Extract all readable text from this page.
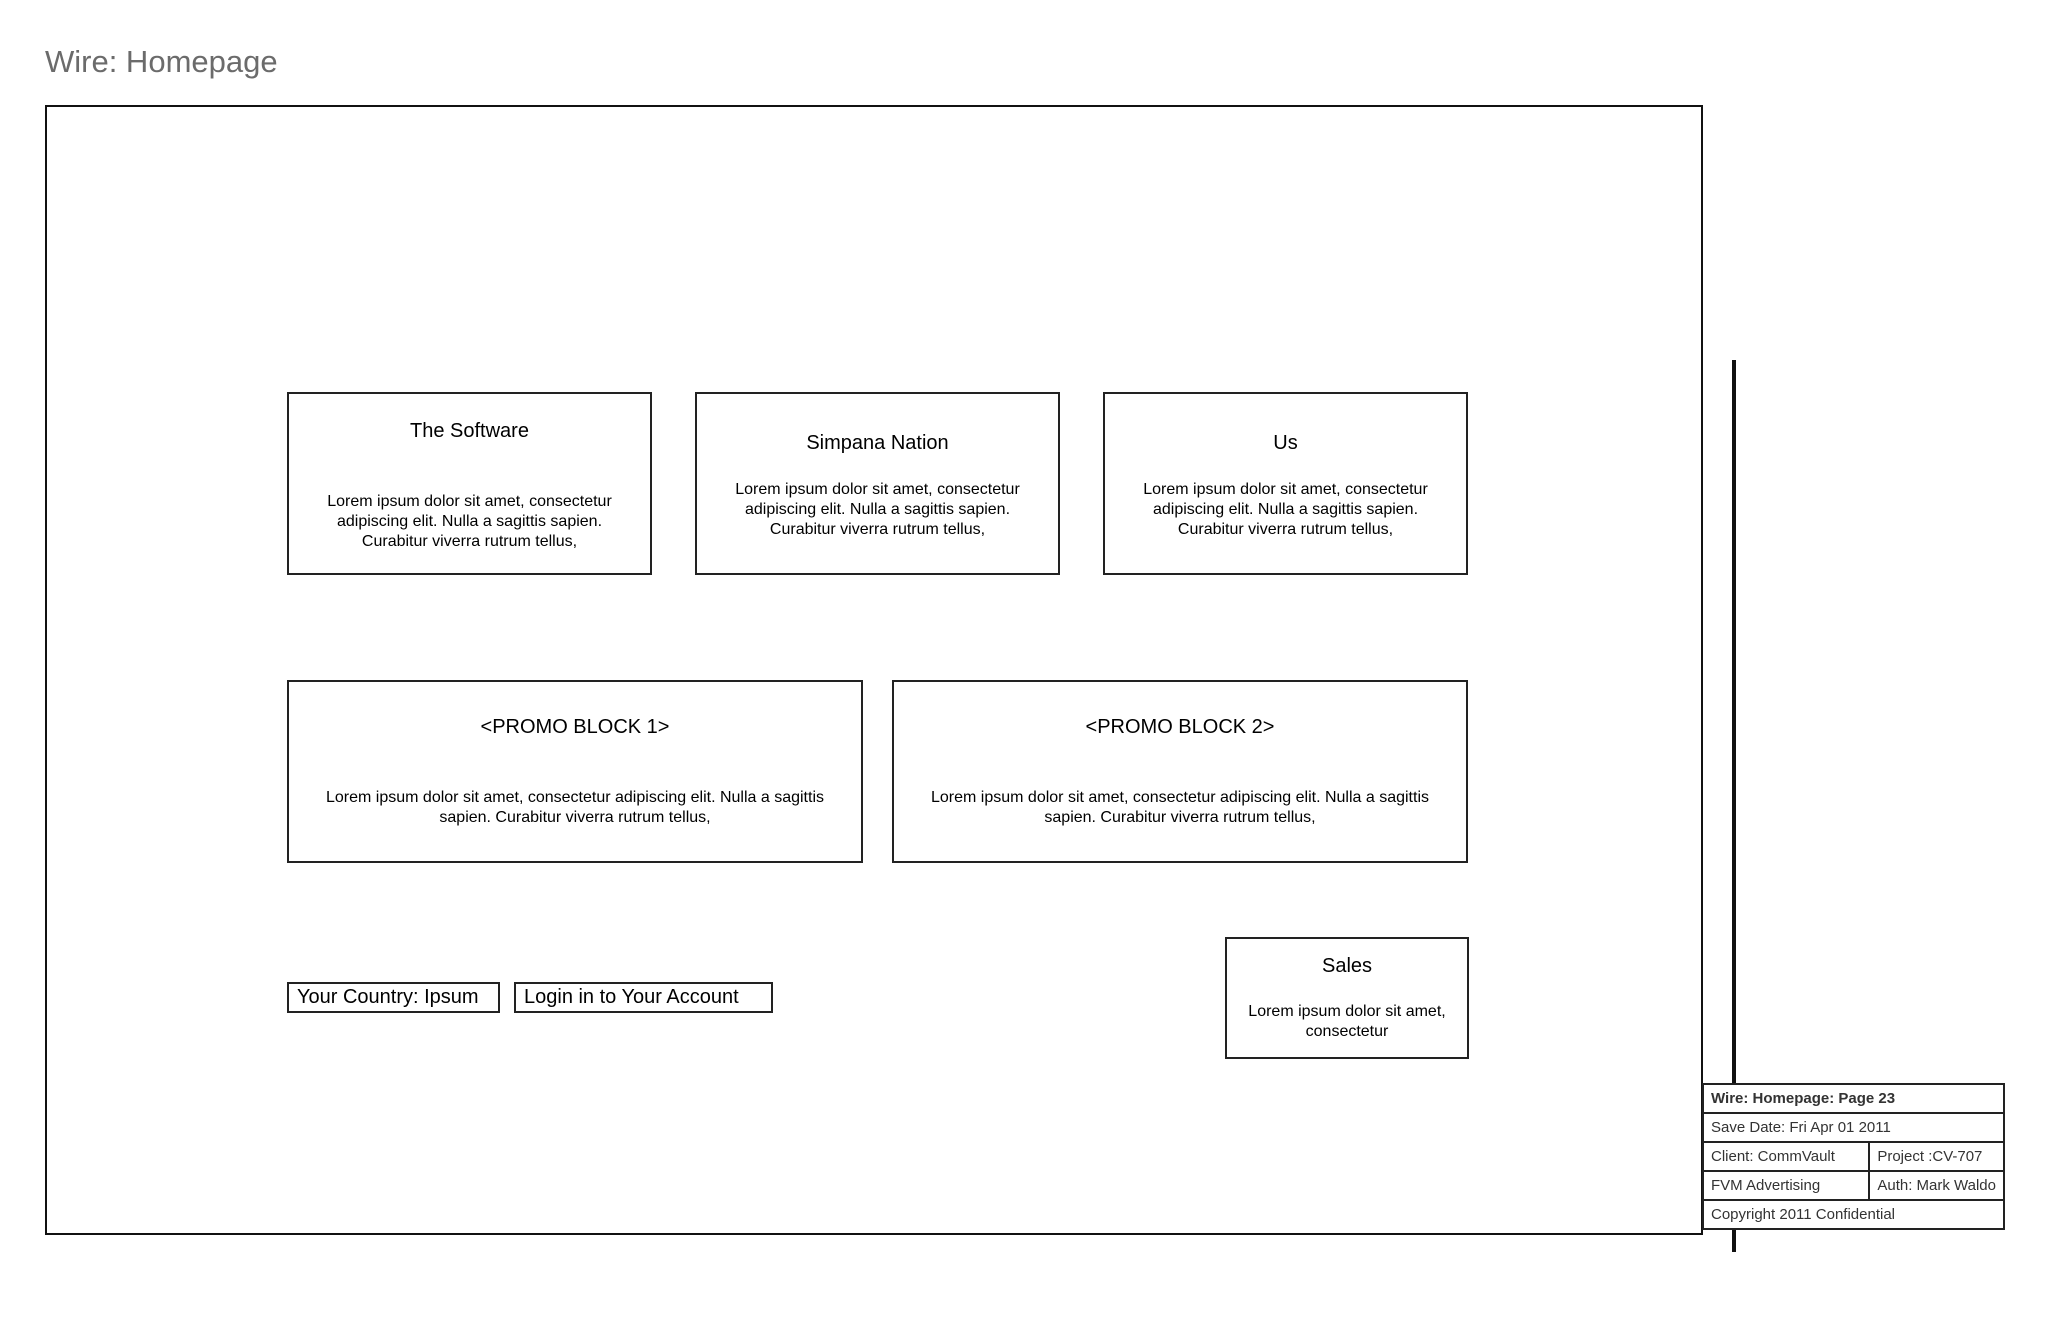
Wire: Homepage
The Software
Lorem ipsum dolor sit amet, consectetur adipiscing elit. Nulla a sagittis sapien. Curabitur viverra rutrum tellus,
Simpana Nation
Lorem ipsum dolor sit amet, consectetur adipiscing elit. Nulla a sagittis sapien. Curabitur viverra rutrum tellus,
Us
Lorem ipsum dolor sit amet, consectetur adipiscing elit. Nulla a sagittis sapien. Curabitur viverra rutrum tellus,
<PROMO BLOCK 1>
Lorem ipsum dolor sit amet, consectetur adipiscing elit. Nulla a sagittis sapien. Curabitur viverra rutrum tellus,
<PROMO BLOCK 2>
Lorem ipsum dolor sit amet, consectetur adipiscing elit. Nulla a sagittis sapien. Curabitur viverra rutrum tellus,
Your Country: Ipsum	Login in to Your Account
Sales
Lorem ipsum dolor sit amet, consectetur
Wire: Homepage: Page 23	
Save Date: Fri Apr 01 2011	
Client: CommVault	Project :CV-707
FVM Advertising	Auth: Mark Waldo
Copyright 2011 Confidential	
